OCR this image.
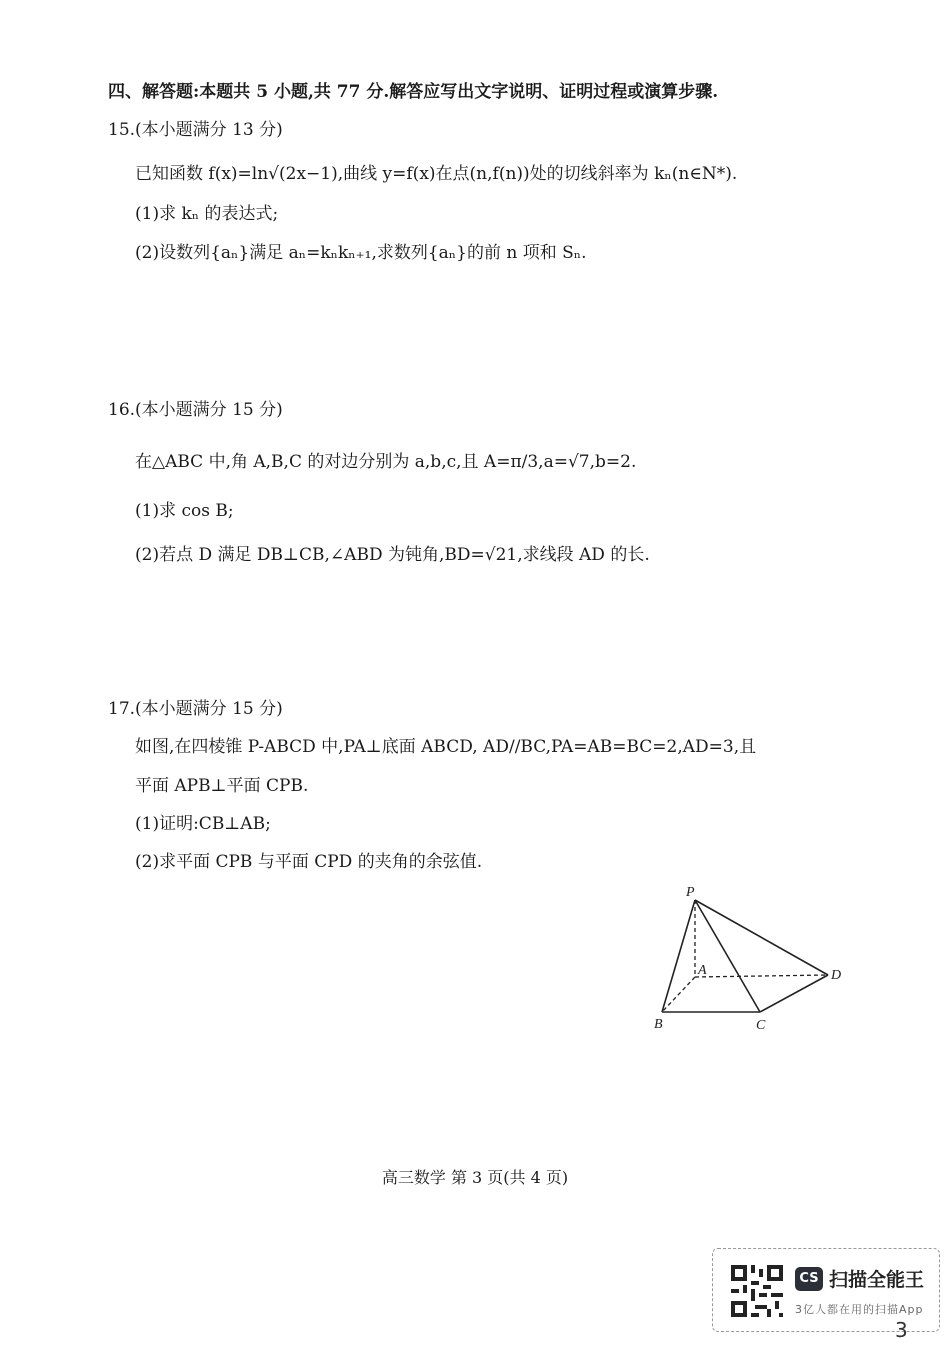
四、解答题:本题共 5 小题,共 77 分.解答应写出文字说明、证明过程或演算步骤.
15.(本小题满分 13 分)
已知函数 f(x)=ln√(2x−1),曲线 y=f(x)在点(n,f(n))处的切线斜率为 kₙ(n∈N*).
(1)求 kₙ 的表达式;
(2)设数列{aₙ}满足 aₙ=kₙkₙ₊₁,求数列{aₙ}的前 n 项和 Sₙ.
16.(本小题满分 15 分)
在△ABC 中,角 A,B,C 的对边分别为 a,b,c,且 A=π/3,a=√7,b=2.
(1)求 cos B;
(2)若点 D 满足 DB⊥CB,∠ABD 为钝角,BD=√21,求线段 AD 的长.
17.(本小题满分 15 分)
如图,在四棱锥 P-ABCD 中,PA⊥底面 ABCD, AD//BC,PA=AB=BC=2,AD=3,且
平面 APB⊥平面 CPB.
(1)证明:CB⊥AB;
(2)求平面 CPB 与平面 CPD 的夹角的余弦值.
P
A
B	C
D
高三数学 第 3 页(共 4 页)
CS 扫描全能王
3亿人都在用的扫描App
3
